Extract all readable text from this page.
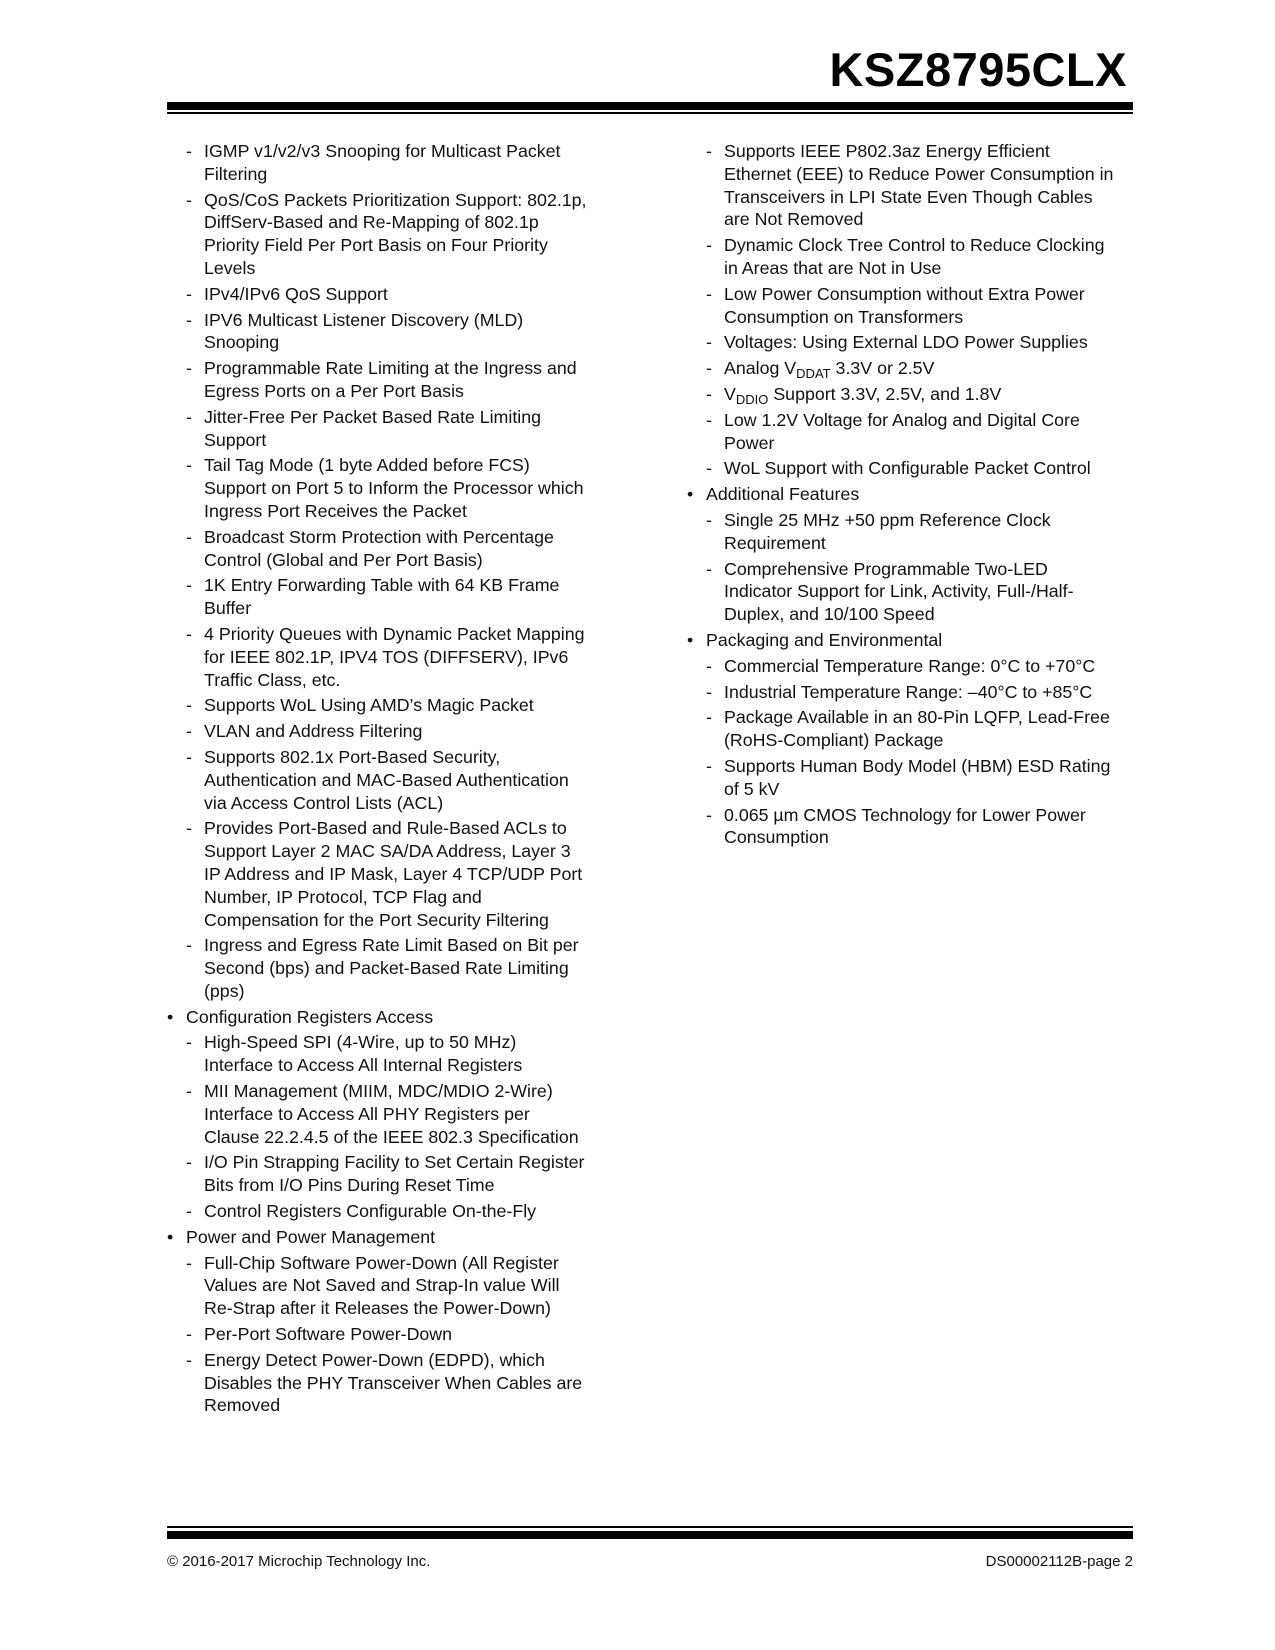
KSZ8795CLX
- IGMP v1/v2/v3 Snooping for Multicast Packet Filtering
- QoS/CoS Packets Prioritization Support: 802.1p, DiffServ-Based and Re-Mapping of 802.1p Priority Field Per Port Basis on Four Priority Levels
- IPv4/IPv6 QoS Support
- IPV6 Multicast Listener Discovery (MLD) Snooping
- Programmable Rate Limiting at the Ingress and Egress Ports on a Per Port Basis
- Jitter-Free Per Packet Based Rate Limiting Support
- Tail Tag Mode (1 byte Added before FCS) Support on Port 5 to Inform the Processor which Ingress Port Receives the Packet
- Broadcast Storm Protection with Percentage Control (Global and Per Port Basis)
- 1K Entry Forwarding Table with 64 KB Frame Buffer
- 4 Priority Queues with Dynamic Packet Mapping for IEEE 802.1P, IPV4 TOS (DIFFSERV), IPv6 Traffic Class, etc.
- Supports WoL Using AMD’s Magic Packet
- VLAN and Address Filtering
- Supports 802.1x Port-Based Security, Authentication and MAC-Based Authentication via Access Control Lists (ACL)
- Provides Port-Based and Rule-Based ACLs to Support Layer 2 MAC SA/DA Address, Layer 3 IP Address and IP Mask, Layer 4 TCP/UDP Port Number, IP Protocol, TCP Flag and Compensation for the Port Security Filtering
- Ingress and Egress Rate Limit Based on Bit per Second (bps) and Packet-Based Rate Limiting (pps)
• Configuration Registers Access
- High-Speed SPI (4-Wire, up to 50 MHz) Interface to Access All Internal Registers
- MII Management (MIIM, MDC/MDIO 2-Wire) Interface to Access All PHY Registers per Clause 22.2.4.5 of the IEEE 802.3 Specification
- I/O Pin Strapping Facility to Set Certain Register Bits from I/O Pins During Reset Time
- Control Registers Configurable On-the-Fly
• Power and Power Management
- Full-Chip Software Power-Down (All Register Values are Not Saved and Strap-In value Will Re-Strap after it Releases the Power-Down)
- Per-Port Software Power-Down
- Energy Detect Power-Down (EDPD), which Disables the PHY Transceiver When Cables are Removed
- Supports IEEE P802.3az Energy Efficient Ethernet (EEE) to Reduce Power Consumption in Transceivers in LPI State Even Though Cables are Not Removed
- Dynamic Clock Tree Control to Reduce Clocking in Areas that are Not in Use
- Low Power Consumption without Extra Power Consumption on Transformers
- Voltages: Using External LDO Power Supplies
- Analog $V_{DDAT}$ 3.3V or 2.5V
- $V_{DDIO}$ Support 3.3V, 2.5V, and 1.8V
- Low 1.2V Voltage for Analog and Digital Core Power
- WoL Support with Configurable Packet Control
• Additional Features
- Single 25 MHz +50 ppm Reference Clock Requirement
- Comprehensive Programmable Two-LED Indicator Support for Link, Activity, Full-/Half-Duplex, and 10/100 Speed
• Packaging and Environmental
- Commercial Temperature Range: 0°C to +70°C
- Industrial Temperature Range: –40°C to +85°C
- Package Available in an 80-Pin LQFP, Lead-Free (RoHS-Compliant) Package
- Supports Human Body Model (HBM) ESD Rating of 5 kV
- 0.065 µm CMOS Technology for Lower Power Consumption
© 2016-2017 Microchip Technology Inc.	DS00002112B-page 2
